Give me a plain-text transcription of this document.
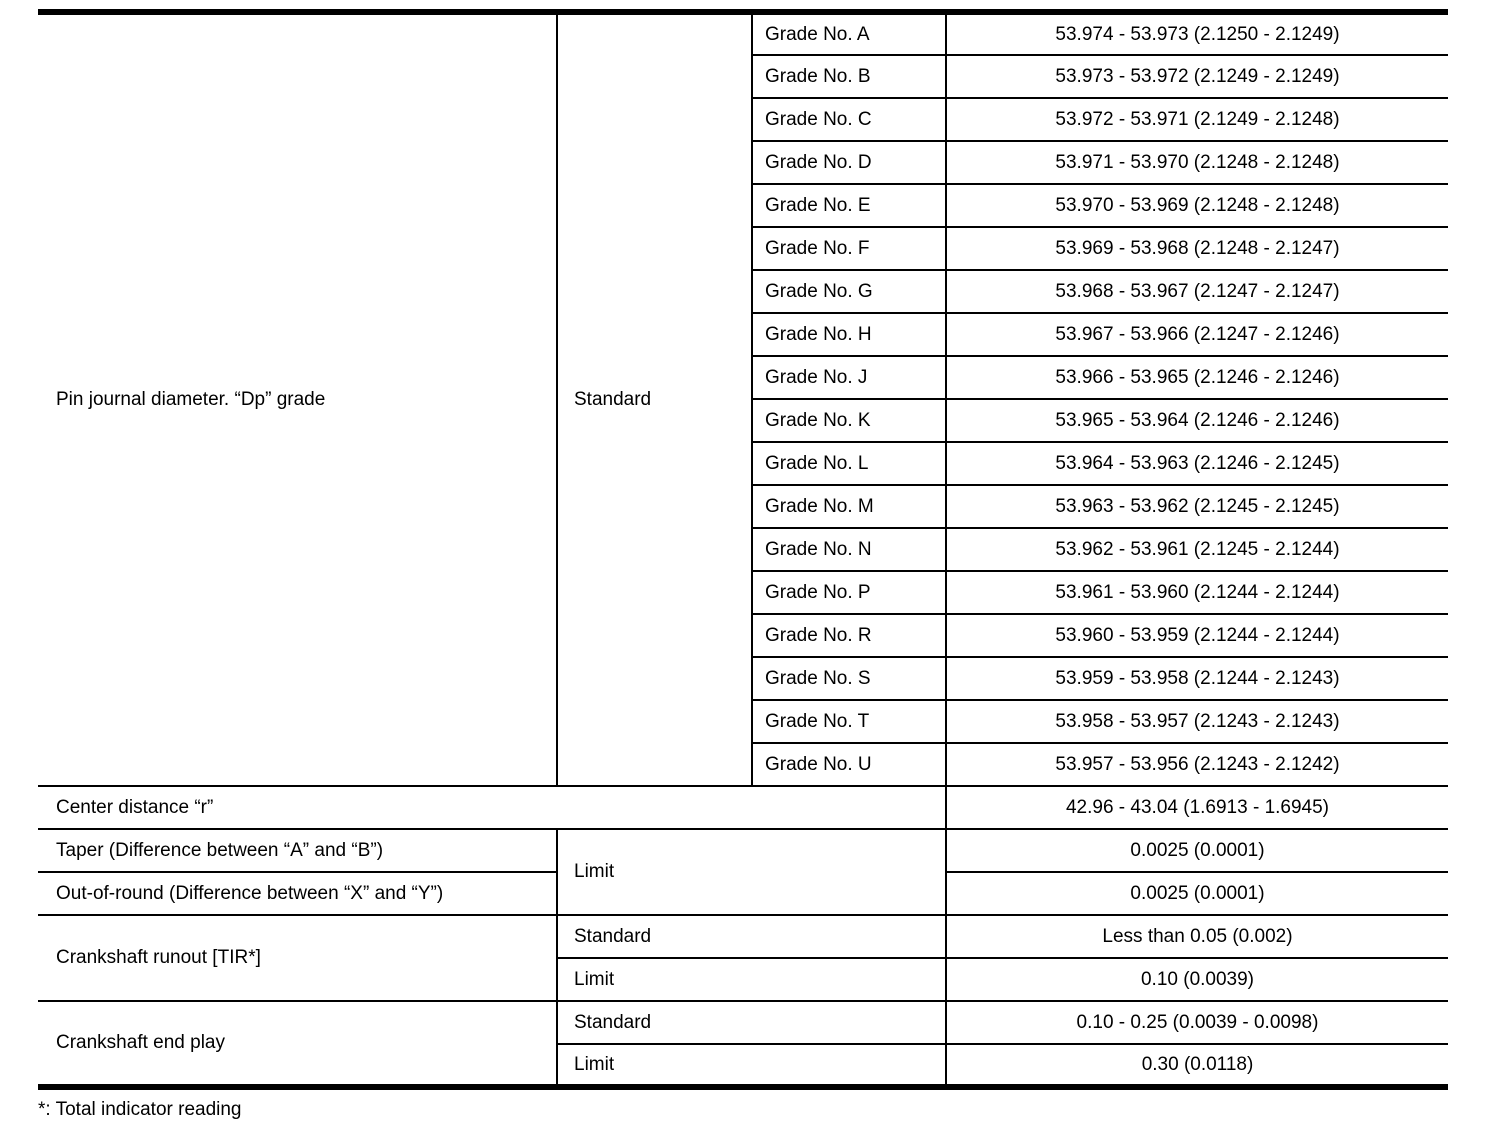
Pin journal diameter. “Dp” grade	Standard	Grade No. A	53.974 - 53.973 (2.1250 - 2.1249)
		Grade No. B	53.973 - 53.972 (2.1249 - 2.1249)
		Grade No. C	53.972 - 53.971 (2.1249 - 2.1248)
		Grade No. D	53.971 - 53.970 (2.1248 - 2.1248)
		Grade No. E	53.970 - 53.969 (2.1248 - 2.1248)
		Grade No. F	53.969 - 53.968 (2.1248 - 2.1247)
		Grade No. G	53.968 - 53.967 (2.1247 - 2.1247)
		Grade No. H	53.967 - 53.966 (2.1247 - 2.1246)
		Grade No. J	53.966 - 53.965 (2.1246 - 2.1246)
		Grade No. K	53.965 - 53.964 (2.1246 - 2.1246)
		Grade No. L	53.964 - 53.963 (2.1246 - 2.1245)
		Grade No. M	53.963 - 53.962 (2.1245 - 2.1245)
		Grade No. N	53.962 - 53.961 (2.1245 - 2.1244)
		Grade No. P	53.961 - 53.960 (2.1244 - 2.1244)
		Grade No. R	53.960 - 53.959 (2.1244 - 2.1244)
		Grade No. S	53.959 - 53.958 (2.1244 - 2.1243)
		Grade No. T	53.958 - 53.957 (2.1243 - 2.1243)
		Grade No. U	53.957 - 53.956 (2.1243 - 2.1242)
Center distance “r”			42.96 - 43.04 (1.6913 - 1.6945)
Taper (Difference between “A” and “B”)	Limit		0.0025 (0.0001)
Out-of-round (Difference between “X” and “Y”)			0.0025 (0.0001)
Crankshaft runout [TIR*]	Standard		Less than 0.05 (0.002)
	Limit		0.10 (0.0039)
Crankshaft end play	Standard		0.10 - 0.25 (0.0039 - 0.0098)
	Limit		0.30 (0.0118)
*: Total indicator reading
